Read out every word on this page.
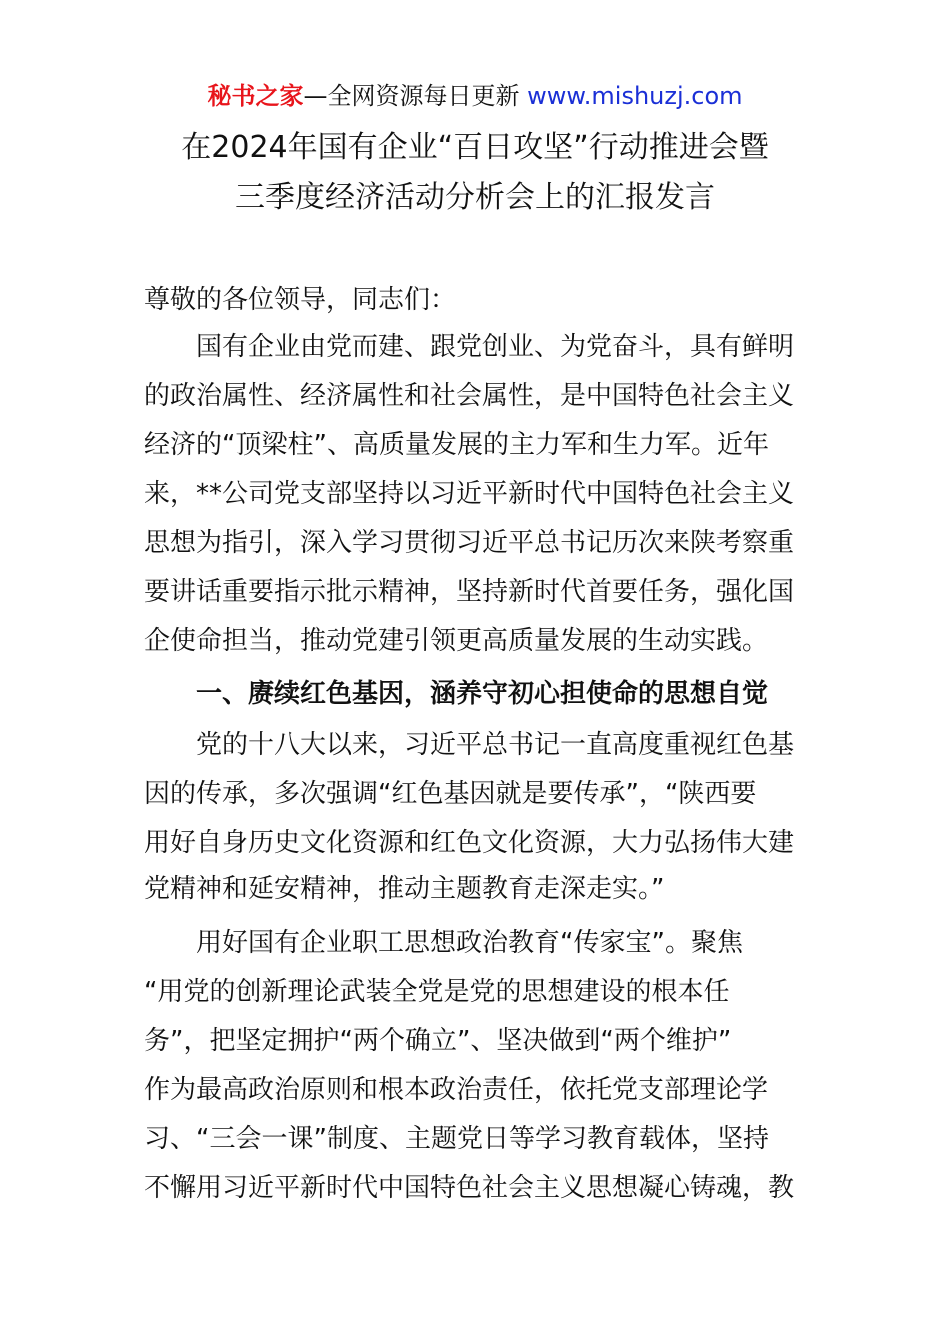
秘书之家—全网资源每日更新 www.mishuzj.com
在2024年国有企业“百日攻坚”行动推进会暨
三季度经济活动分析会上的汇报发言
尊敬的各位领导，同志们：
　　国有企业由党而建、跟党创业、为党奋斗，具有鲜明
的政治属性、经济属性和社会属性，是中国特色社会主义
经济的“顶梁柱”、高质量发展的主力军和生力军。近年
来，**公司党支部坚持以习近平新时代中国特色社会主义
思想为指引，深入学习贯彻习近平总书记历次来陕考察重
要讲话重要指示批示精神，坚持新时代首要任务，强化国
企使命担当，推动党建引领更高质量发展的生动实践。
　　一、赓续红色基因，涵养守初心担使命的思想自觉
　　党的十八大以来，习近平总书记一直高度重视红色基
因的传承，多次强调“红色基因就是要传承”，“陕西要
用好自身历史文化资源和红色文化资源，大力弘扬伟大建
党精神和延安精神，推动主题教育走深走实。”
　　用好国有企业职工思想政治教育“传家宝”。聚焦
“用党的创新理论武装全党是党的思想建设的根本任
务”，把坚定拥护“两个确立”、坚决做到“两个维护”
作为最高政治原则和根本政治责任，依托党支部理论学
习、“三会一课”制度、主题党日等学习教育载体，坚持
不懈用习近平新时代中国特色社会主义思想凝心铸魂，教
